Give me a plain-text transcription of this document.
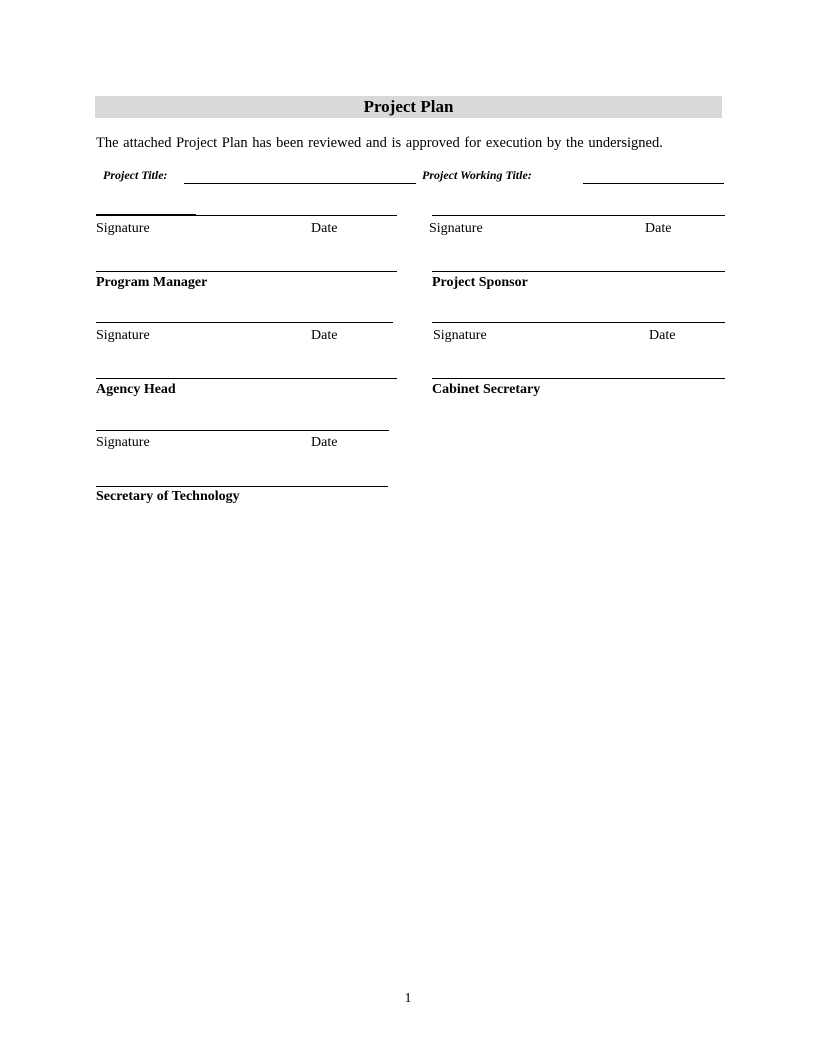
Project Plan
The attached Project Plan has been reviewed and is approved for execution by the undersigned.
Project Title:	Project Working Title:
Signature	Date	Signature	Date
Program Manager	Project Sponsor
Signature	Date	Signature	Date
Agency Head	Cabinet Secretary
Signature	Date
Secretary of Technology
1
